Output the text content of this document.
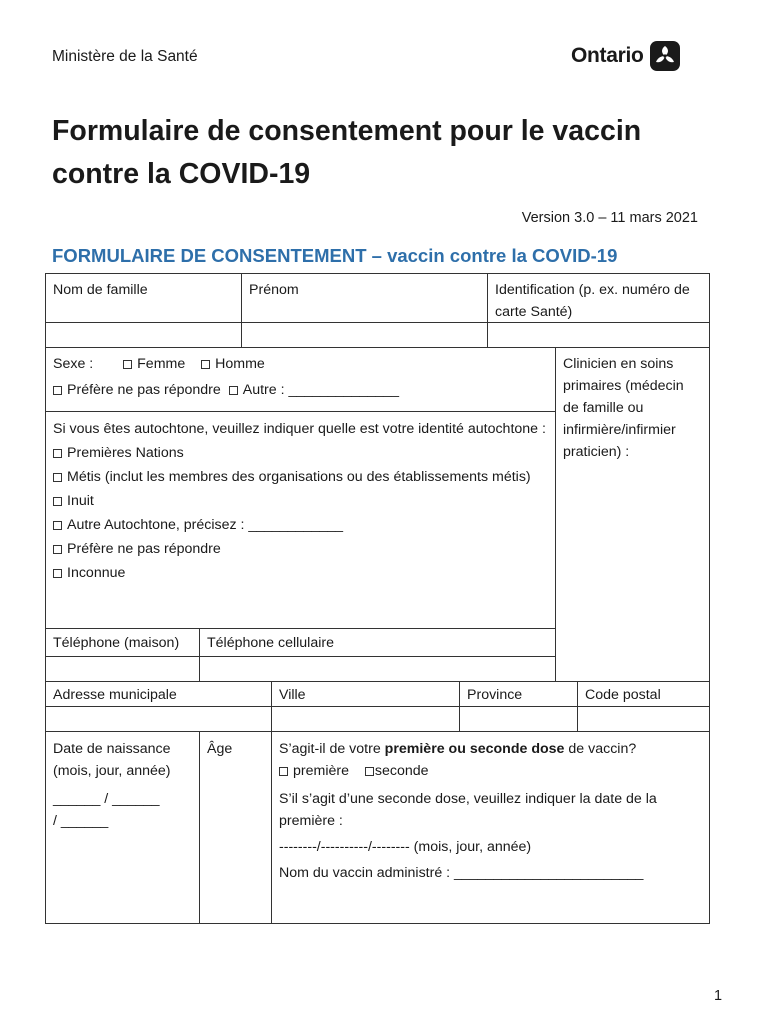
Ministère de la Santé	Ontario
Formulaire de consentement pour le vaccin contre la COVID-19
Version 3.0 – 11 mars 2021
FORMULAIRE DE CONSENTEMENT – vaccin contre la COVID-19
Nom de famille	Prénom	Identification (p. ex. numéro de carte Santé)
Sexe :	Femme Homme
Préfère ne pas répondre Autre : ______________
Clinicien en soins primaires (médecin de famille ou infirmière/infirmier praticien) :
Si vous êtes autochtone, veuillez indiquer quelle est votre identité autochtone :
Premières Nations
Métis (inclut les membres des organisations ou des établissements métis)
Inuit
Autre Autochtone, précisez : ____________
Préfère ne pas répondre
Inconnue
Téléphone (maison)	Téléphone cellulaire
Adresse municipale	Ville	Province	Code postal
Date de naissance (mois, jour, année)
______ / ______
/ ______
Âge	S’agit-il de votre première ou seconde dose de vaccin?
première seconde
S’il s’agit d’une seconde dose, veuillez indiquer la date de la première :
--------/----------/-------- (mois, jour, année)
Nom du vaccin administré : ________________________
1
